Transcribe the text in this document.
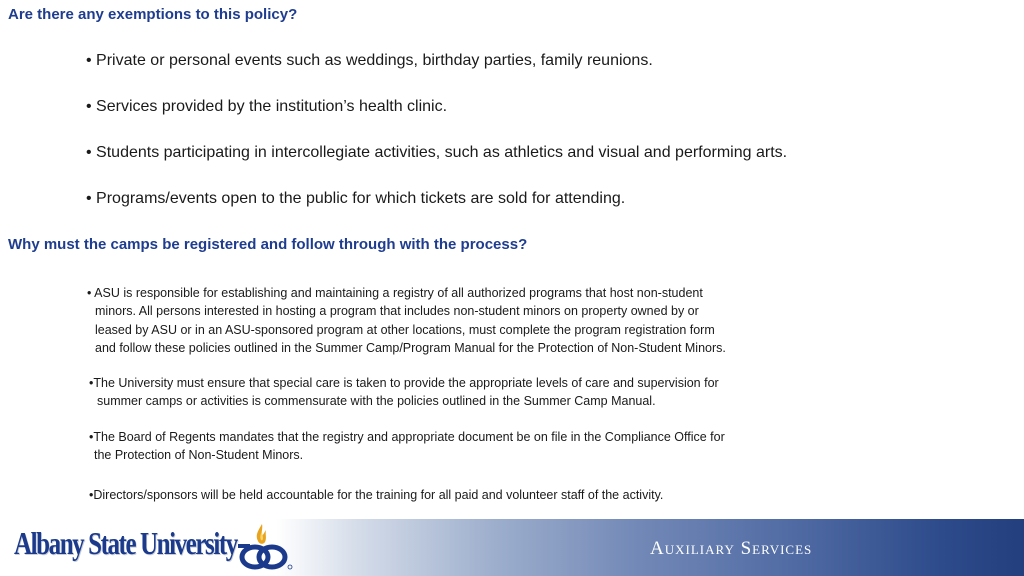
Are there any exemptions to this policy?

• Private or personal events such as weddings, birthday parties, family reunions.

• Services provided by the institution’s health clinic.

• Students participating in intercollegiate activities, such as athletics and visual and performing arts.

• Programs/events open to the public for which tickets are sold for attending.

Why must the camps be registered and follow through with the process?
• ASU is responsible for establishing and maintaining a registry of all authorized programs that host non-student
minors. All persons interested in hosting a program that includes non-student minors on property owned by or
leased by ASU or in an ASU-sponsored program at other locations, must complete the program registration form
and follow these policies outlined in the Summer Camp/Program Manual for the Protection of Non-Student Minors.
•The University must ensure that special care is taken to provide the appropriate levels of care and supervision for
summer camps or activities is commensurate with the policies outlined in the Summer Camp Manual.
•The Board of Regents mandates that the registry and appropriate document be on file in the Compliance Office for
the Protection of Non-Student Minors.
•Directors/sponsors will be held accountable for the training for all paid and volunteer staff of the activity.
Albany State University	Auxiliary Services
